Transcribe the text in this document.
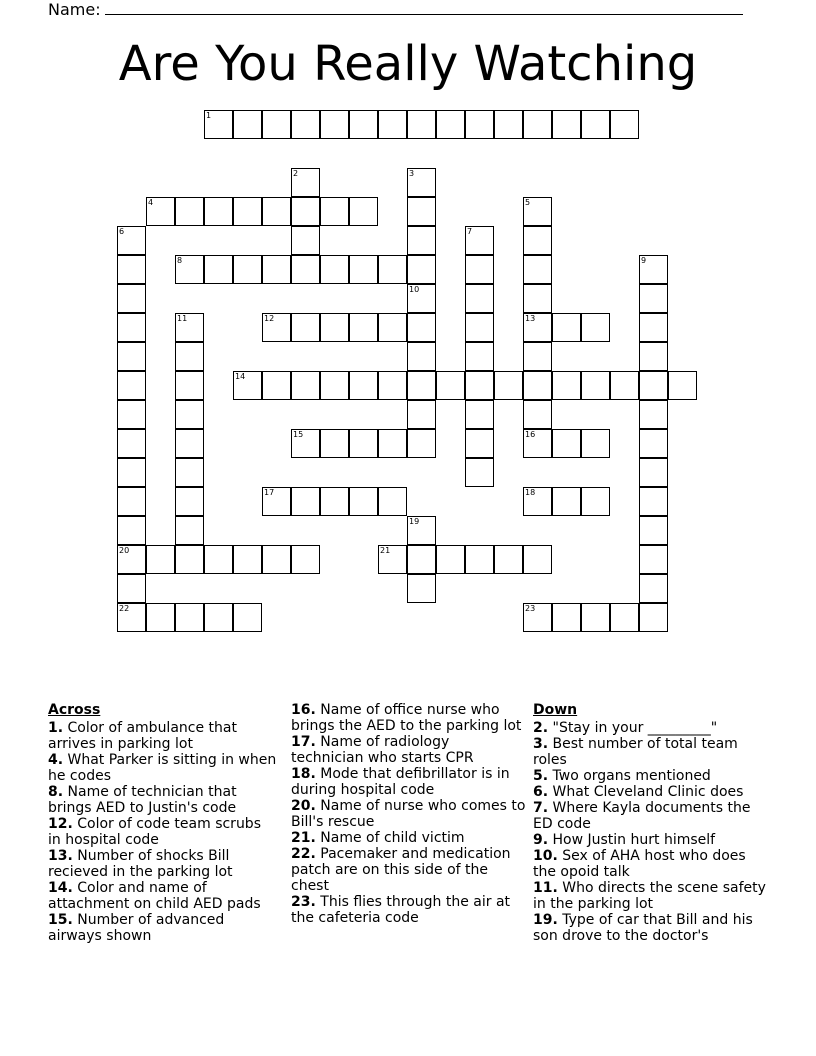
Name:
Are You Really Watching
1
2	3
4	5
13
16
6
20
22
7
8	9
10
11	12
14
15
17	18
19
21
23
Across
1. Color of ambulance that arrives in parking lot
4. What Parker is sitting in when he codes
8. Name of technician that brings AED to Justin's code
12. Color of code team scrubs in hospital code
13. Number of shocks Bill recieved in the parking lot
14. Color and name of attachment on child AED pads
15. Number of advanced airways shown
16. Name of office nurse who brings the AED to the parking lot
17. Name of radiology technician who starts CPR
18. Mode that defibrillator is in during hospital code
20. Name of nurse who comes to Bill's rescue
21. Name of child victim
22. Pacemaker and medication patch are on this side of the chest
23. This flies through the air at the cafeteria code
Down
2. "Stay in your _________"
3. Best number of total team roles
5. Two organs mentioned
6. What Cleveland Clinic does
7. Where Kayla documents the ED code
9. How Justin hurt himself
10. Sex of AHA host who does the opoid talk
11. Who directs the scene safety in the parking lot
19. Type of car that Bill and his son drove to the doctor's
